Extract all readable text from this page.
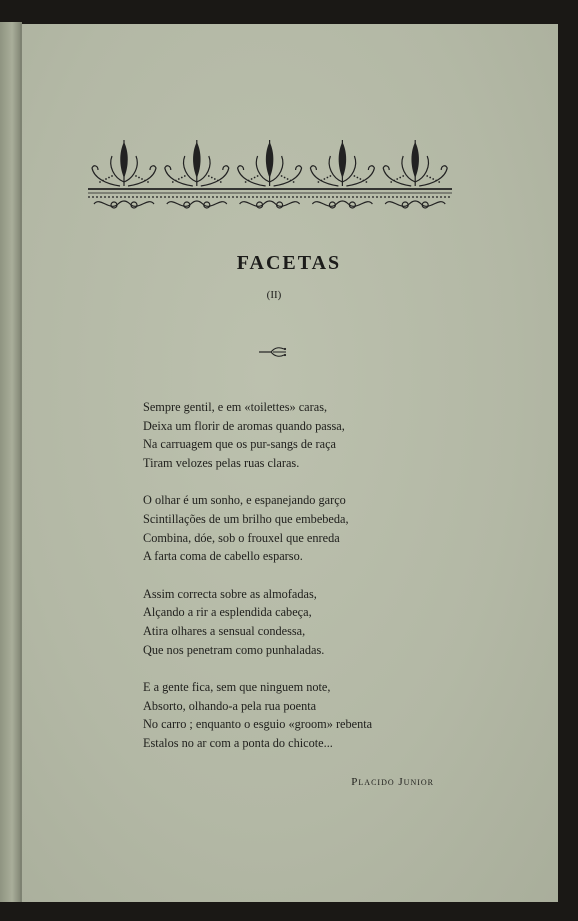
FACETAS
(II)
Sempre gentil, e em «toilettes» caras,
Deixa um florir de aromas quando passa,
Na carruagem que os pur-sangs de raça
Tiram velozes pelas ruas claras.
O olhar é um sonho, e espanejando garço
Scintillações de um brilho que embebeda,
Combina, dóe, sob o frouxel que enreda
A farta coma de cabello esparso.
Assim correcta sobre as almofadas,
Alçando a rir a esplendida cabeça,
Atira olhares a sensual condessa,
Que nos penetram como punhaladas.
E a gente fica, sem que ninguem note,
Absorto, olhando-a pela rua poenta
No carro ; enquanto o esguio «groom» rebenta
Estalos no ar com a ponta do chicote...
Placido Junior
